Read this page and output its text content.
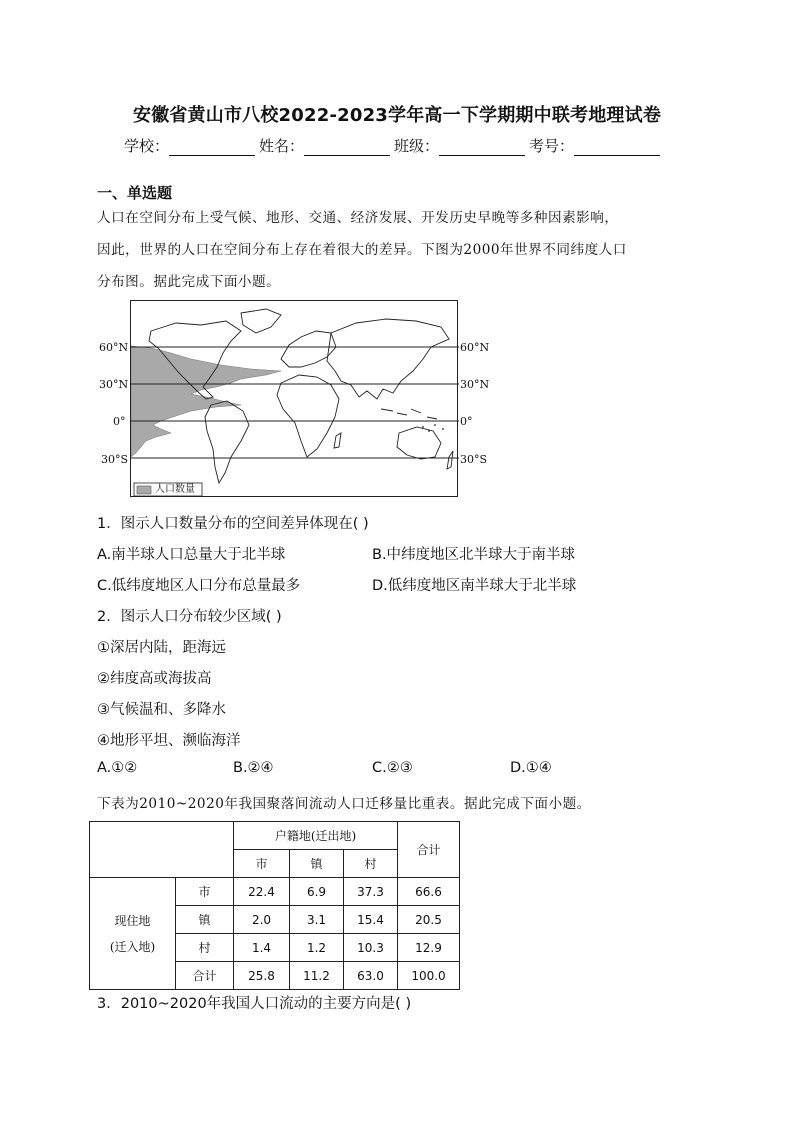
安徽省黄山市八校2022-2023学年高一下学期期中联考地理试卷
学校：	姓名：	班级：	考号：
一、单选题
人口在空间分布上受气候、地形、交通、经济发展、开发历史早晚等多种因素影响，
因此，世界的人口在空间分布上存在着很大的差异。下图为2000年世界不同纬度人口
分布图。据此完成下面小题。
人口数量
60°N
30°N
0°
30°S
60°N
30°N
0°
30°S
1．图示人口数量分布的空间差异体现在( )
A.南半球人口总量大于北半球	B.中纬度地区北半球大于南半球
C.低纬度地区人口分布总量最多	D.低纬度地区南半球大于北半球
2．图示人口分布较少区域( )
①深居内陆，距海远
②纬度高或海拔高
③气候温和、多降水
④地形平坦、濒临海洋
A.①②	B.②④	C.②③	D.①④
下表为2010~2020年我国聚落间流动人口迁移量比重表。据此完成下面小题。
		户籍地(迁出地)			合计
		市	镇	村	

现住地
(迁入地)	市	22.4	6.9	37.3	66.6
	镇	2.0	3.1	15.4	20.5
	村	1.4	1.2	10.3	12.9
	合计	25.8	11.2	63.0	100.0
3．2010~2020年我国人口流动的主要方向是( )
